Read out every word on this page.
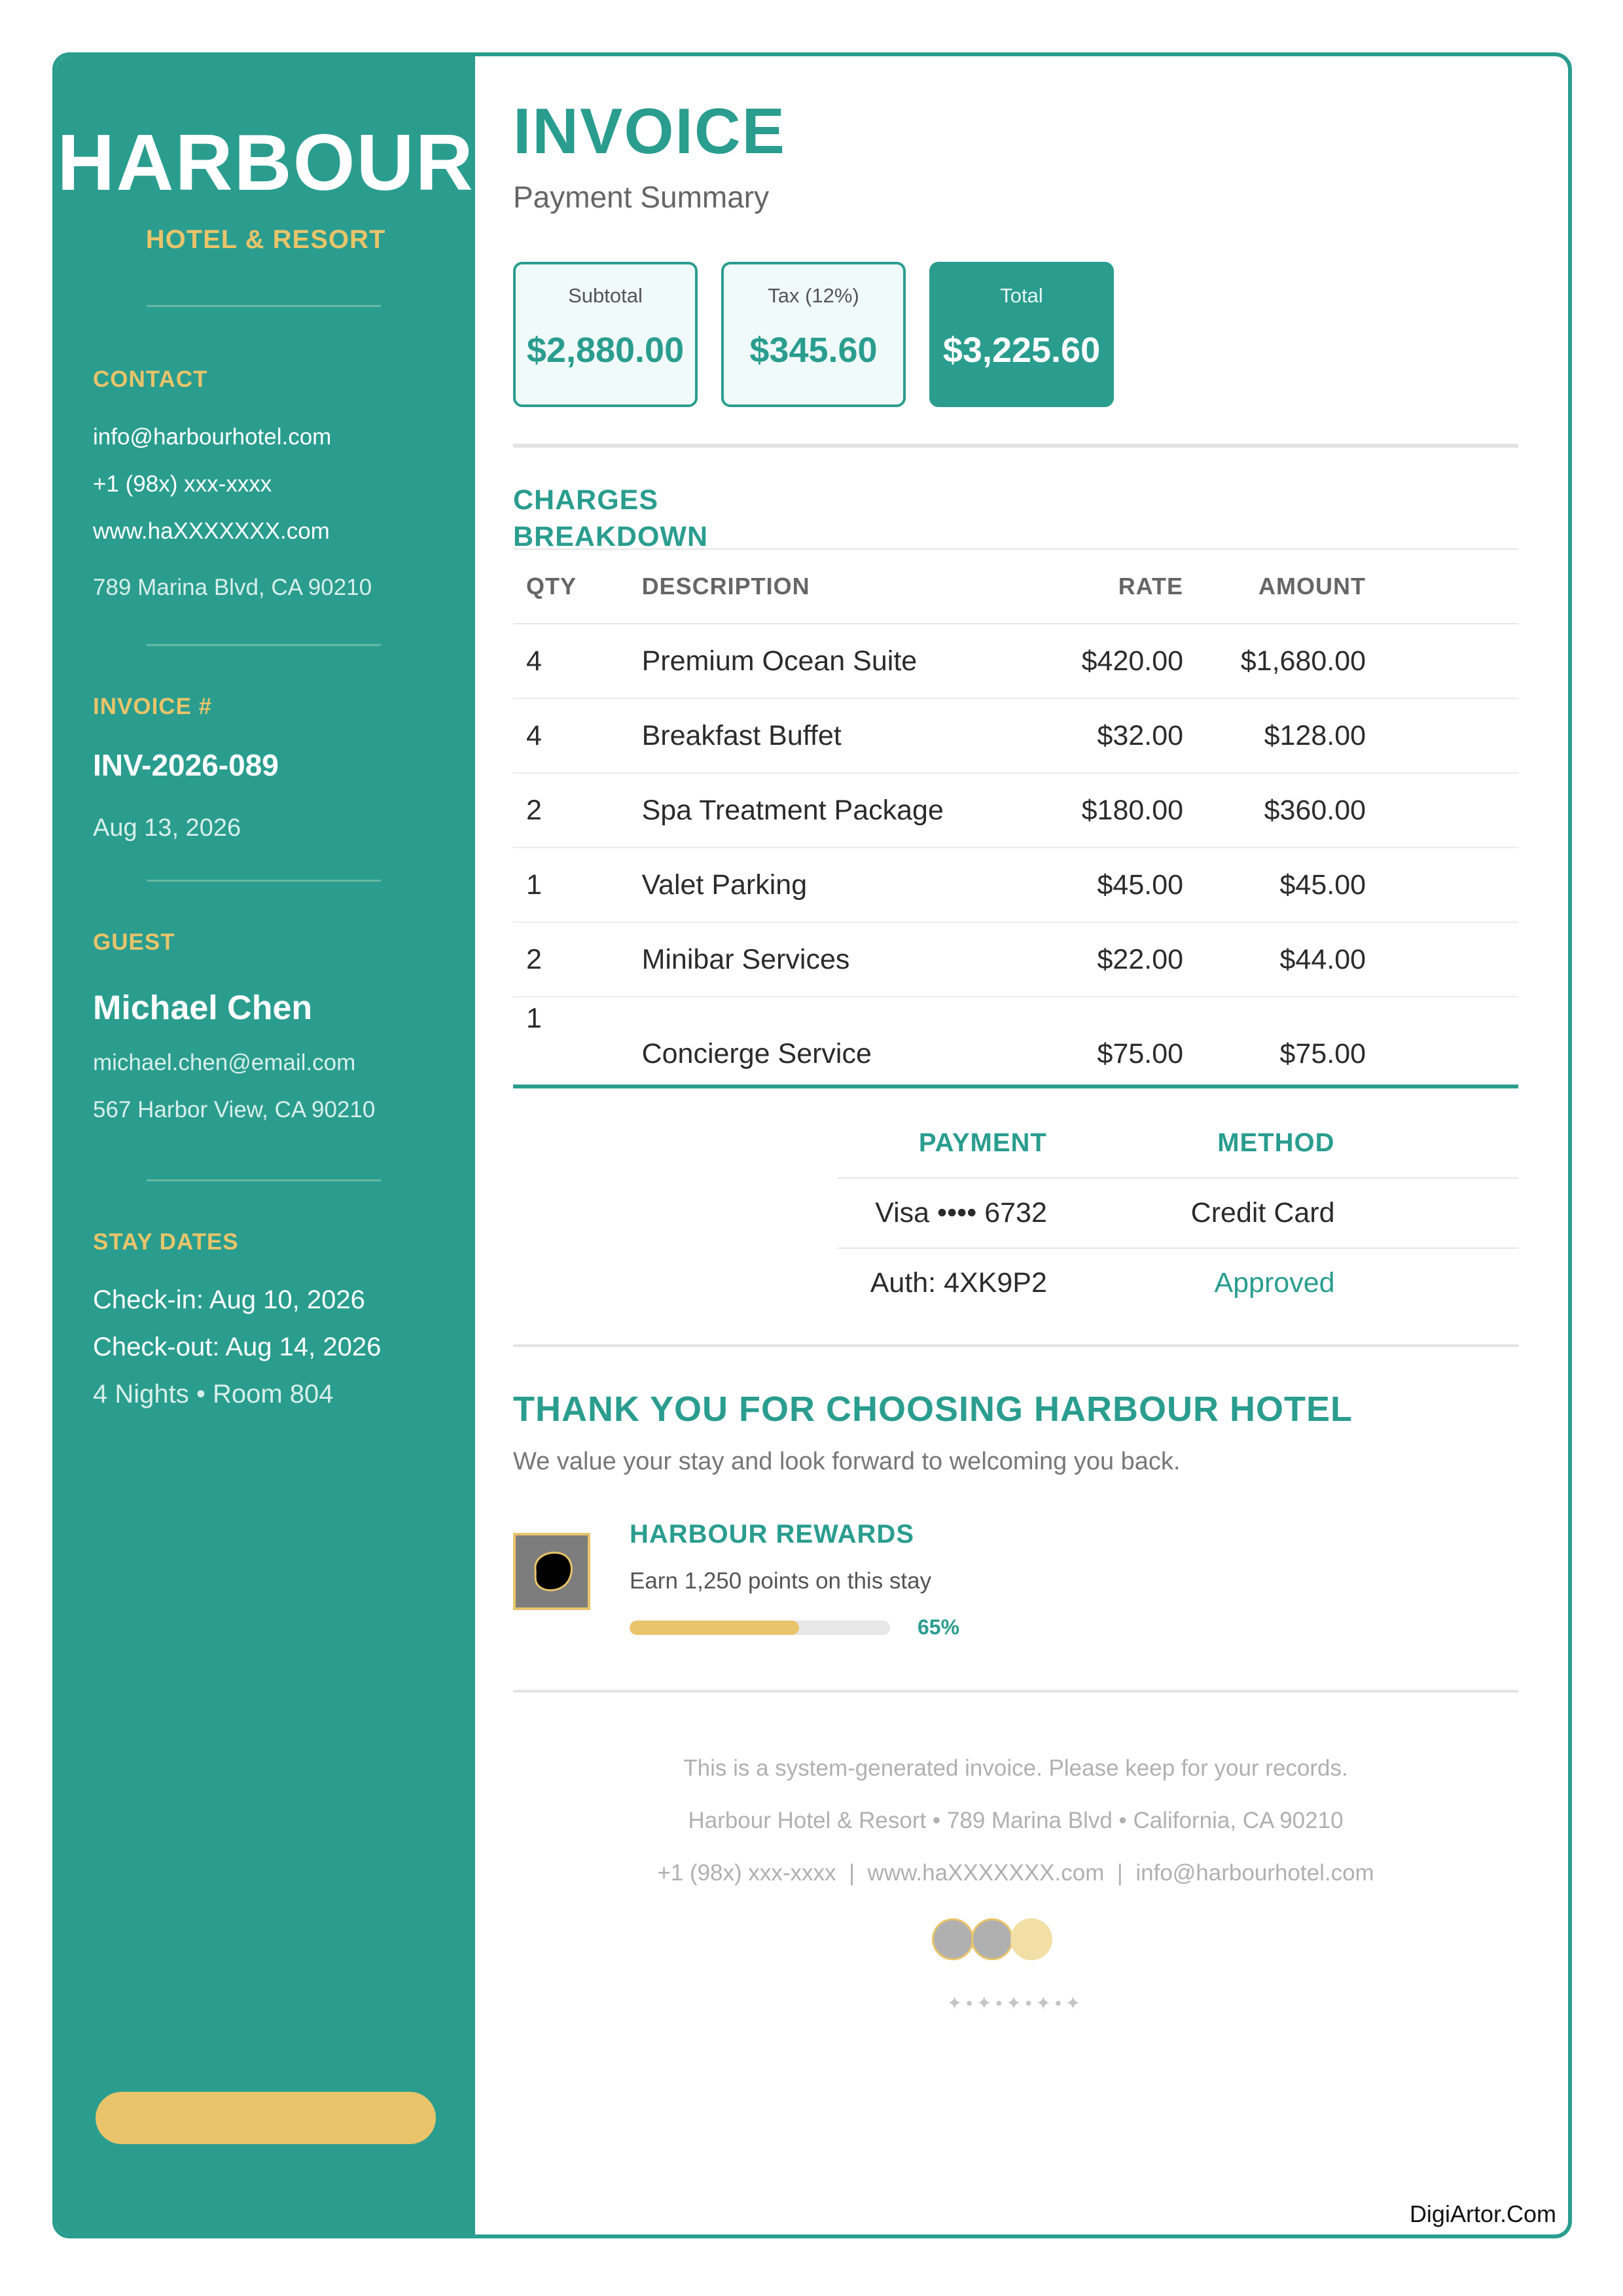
HARBOUR
HOTEL & RESORT
CONTACT
info@harbourhotel.com
+1 (98x) xxx-xxxx
www.haXXXXXXX.com
789 Marina Blvd, CA 90210
INVOICE #
INV-2026-089
Aug 13, 2026
GUEST
Michael Chen
michael.chen@email.com
567 Harbor View, CA 90210
STAY DATES
Check-in: Aug 10, 2026
Check-out: Aug 14, 2026
4 Nights • Room 804
INVOICE
Payment Summary
Subtotal
$2,880.00
Tax (12%)
$345.60
Total
$3,225.60
CHARGES
BREAKDOWN
QTY	DESCRIPTION	RATE	AMOUNT	
4	Premium Ocean Suite	$420.00	$1,680.00	
4	Breakfast Buffet	$32.00	$128.00	
2	Spa Treatment Package	$180.00	$360.00	
1	Valet Parking	$45.00	$45.00	
2	Minibar Services	$22.00	$44.00	
1	Concierge Service	$75.00	$75.00	
PAYMENT	METHOD	
Visa •••• 6732	Credit Card	
Auth: 4XK9P2	Approved	
THANK YOU FOR CHOOSING HARBOUR HOTEL
We value your stay and look forward to welcoming you back.
HARBOUR REWARDS
Earn 1,250 points on this stay
65%
This is a system-generated invoice. Please keep for your records.
Harbour Hotel & Resort • 789 Marina Blvd • California, CA 90210
+1 (98x) xxx-xxxx  |  www.haXXXXXXX.com  |  info@harbourhotel.com
✦•✦•✦•✦•✦
DigiArtor.Com
